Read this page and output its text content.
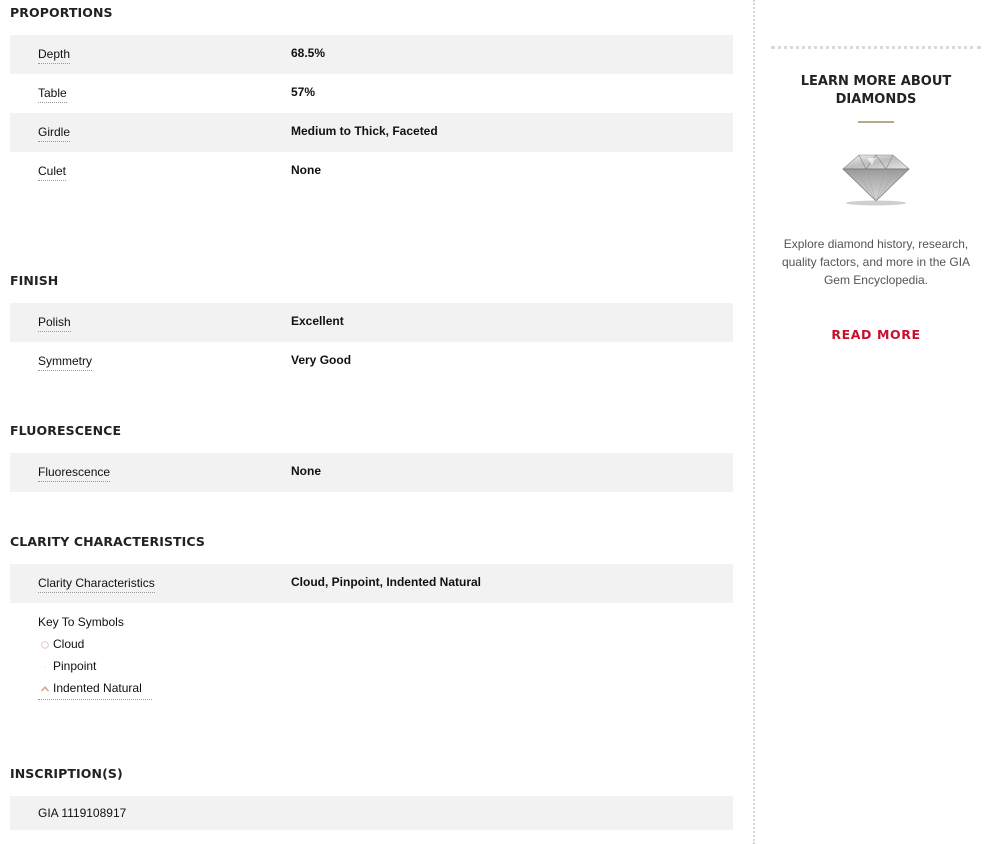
PROPORTIONS
Depth	68.5%
Table	57%
Girdle	Medium to Thick, Faceted
Culet	None
FINISH
Polish	Excellent
Symmetry	Very Good
FLUORESCENCE
Fluorescence	None
CLARITY CHARACTERISTICS
Clarity Characteristics	Cloud, Pinpoint, Indented Natural
Key To Symbols
Cloud
Pinpoint
Indented Natural
INSCRIPTION(S)
GIA 1119108917
LEARN MORE ABOUT
DIAMONDS
Explore diamond history, research, quality factors, and more in the GIA Gem Encyclopedia.
READ MORE
